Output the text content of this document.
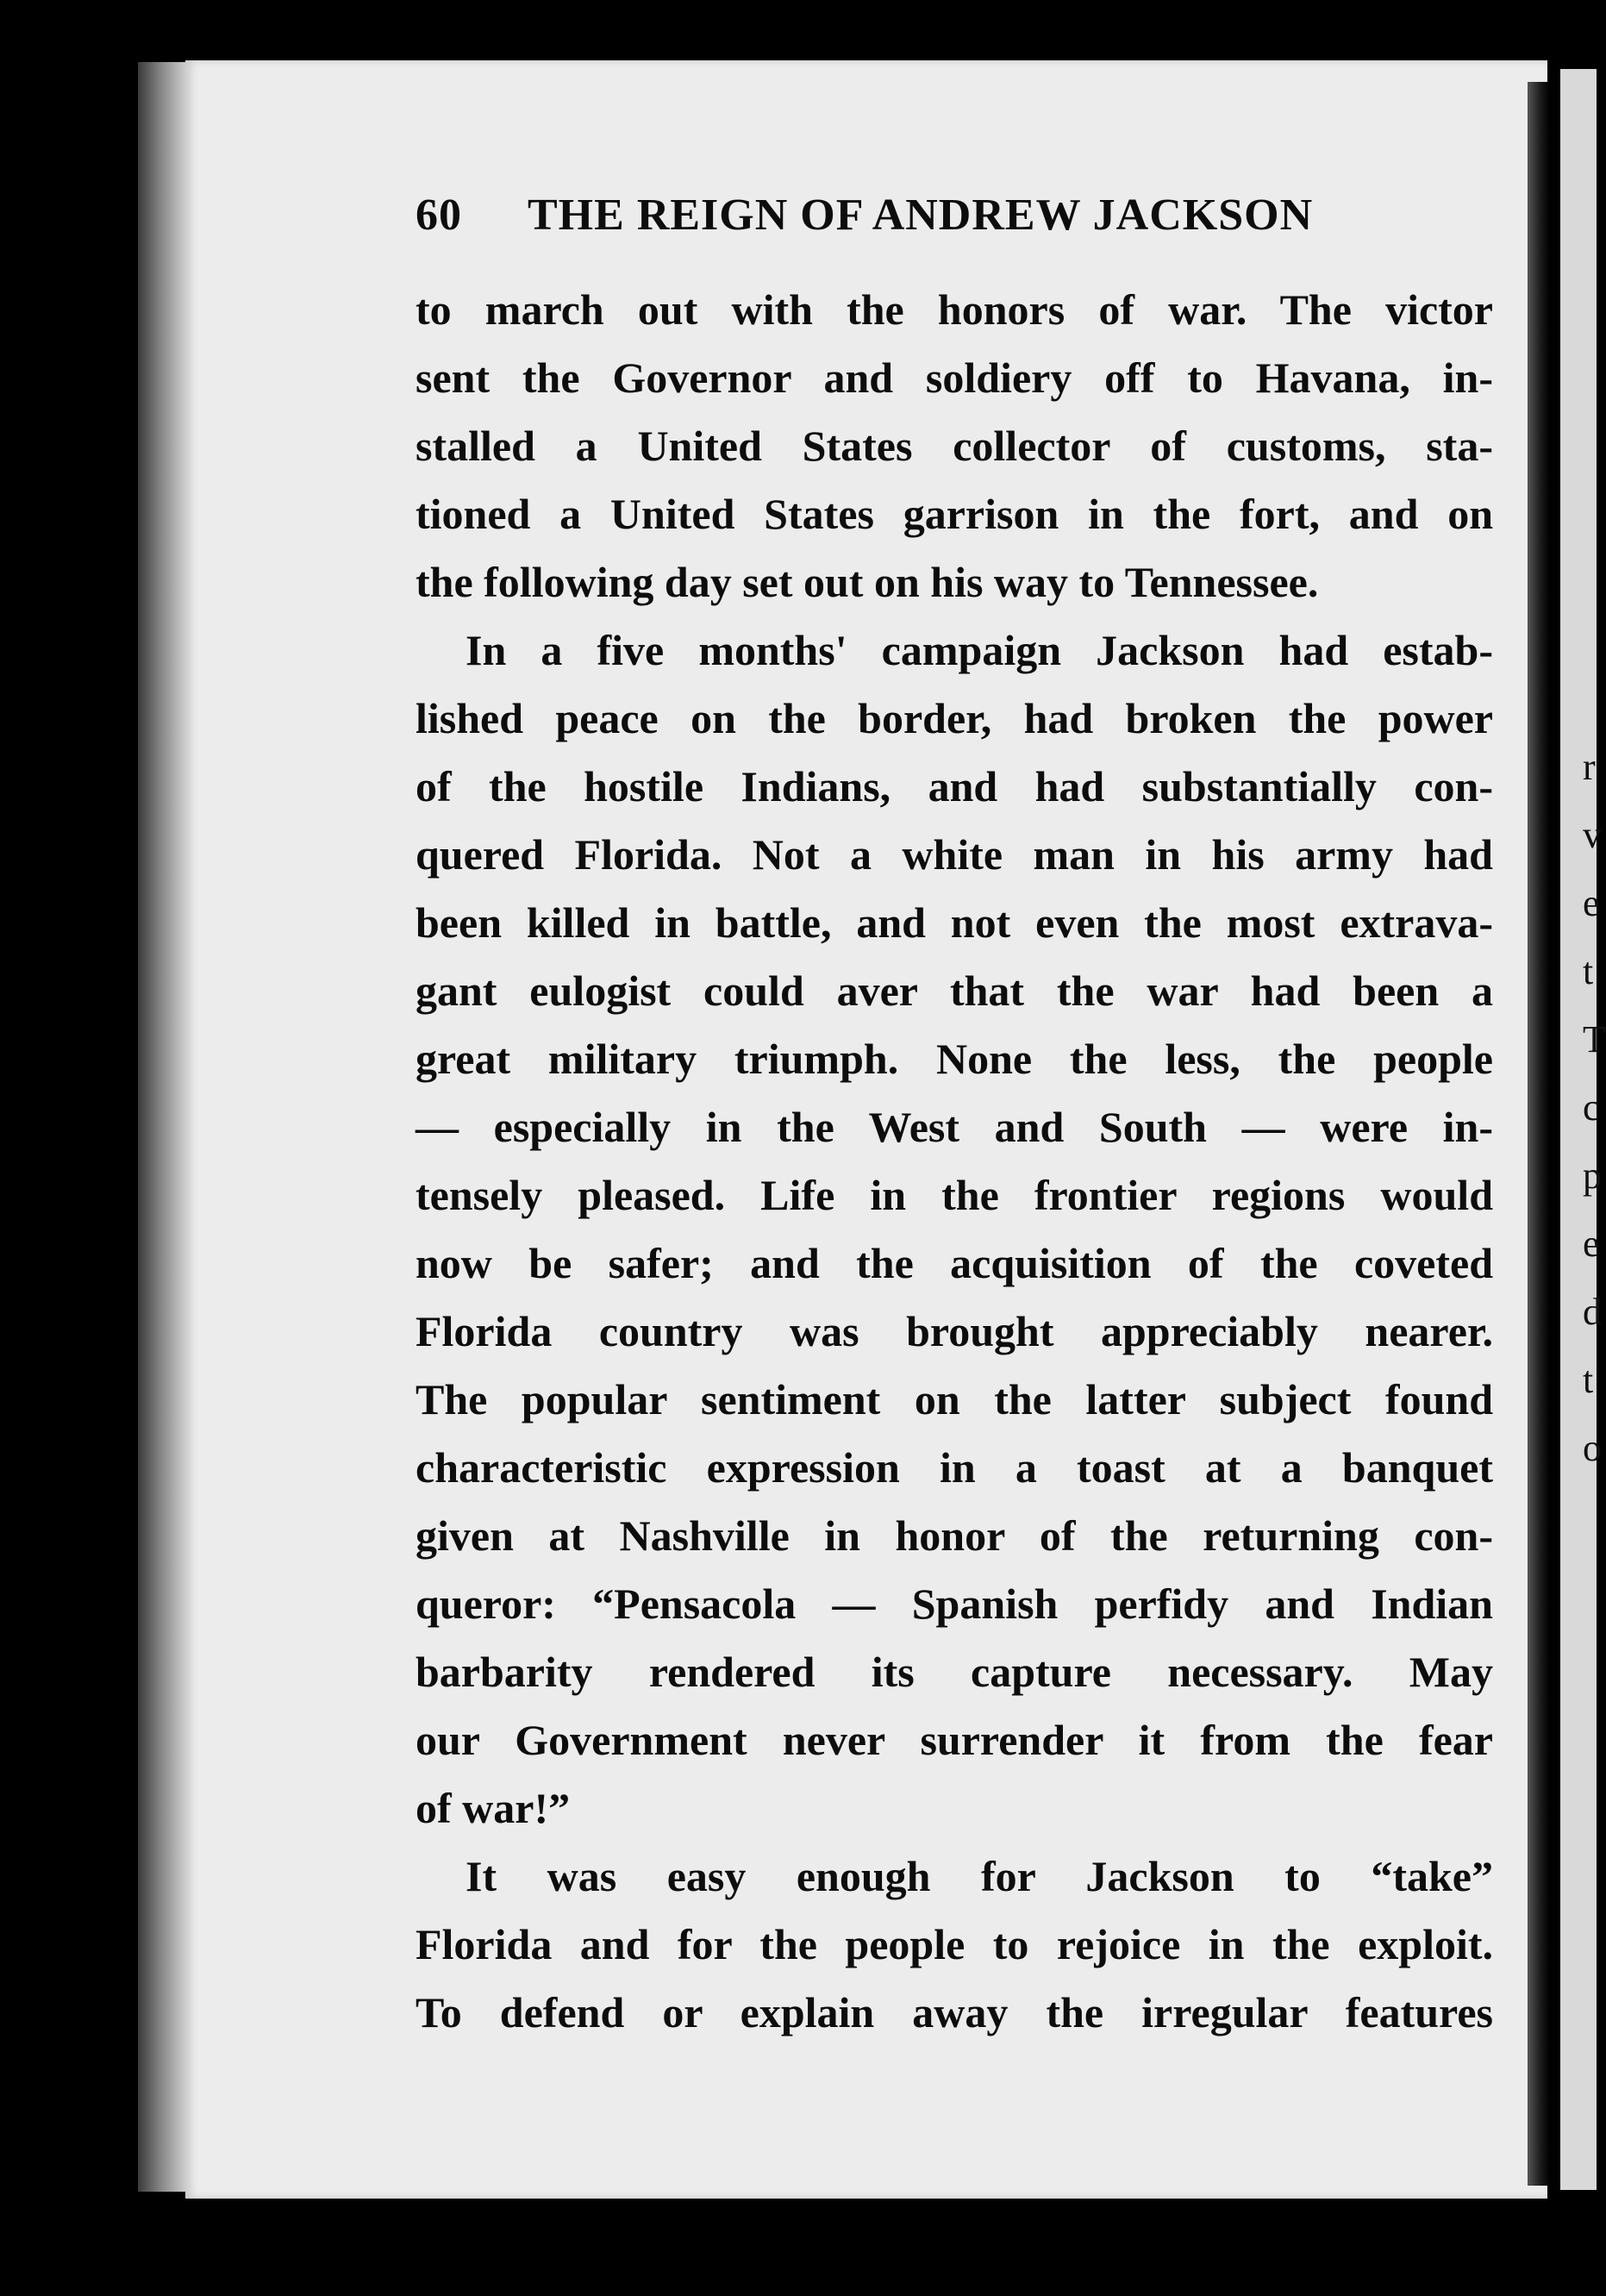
r
v
e
t
T
c
p
e
d
t
o
60 THE REIGN OF ANDREW JACKSON
to march out with the honors of war. The victor
sent the Governor and soldiery off to Havana, in-
stalled a United States collector of customs, sta-
tioned a United States garrison in the fort, and on
the following day set out on his way to Tennessee.
In a five months' campaign Jackson had estab-
lished peace on the border, had broken the power
of the hostile Indians, and had substantially con-
quered Florida. Not a white man in his army had
been killed in battle, and not even the most extrava-
gant eulogist could aver that the war had been a
great military triumph. None the less, the people
— especially in the West and South — were in-
tensely pleased. Life in the frontier regions would
now be safer; and the acquisition of the coveted
Florida country was brought appreciably nearer.
The popular sentiment on the latter subject found
characteristic expression in a toast at a banquet
given at Nashville in honor of the returning con-
queror: “Pensacola — Spanish perfidy and Indian
barbarity rendered its capture necessary. May
our Government never surrender it from the fear
of war!”
It was easy enough for Jackson to “take”
Florida and for the people to rejoice in the exploit.
To defend or explain away the irregular features
